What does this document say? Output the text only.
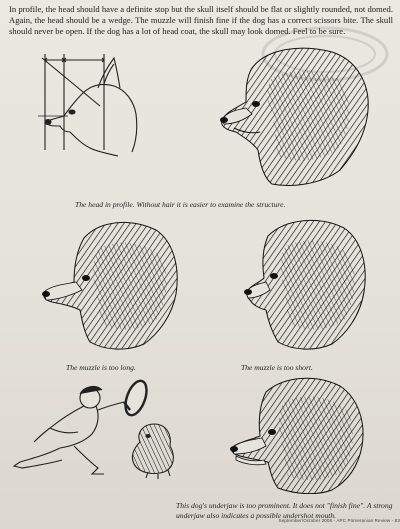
In profile, the head should have a definite stop but the skull itself should be flat or slightly rounded, not domed. Again, the head should be a wedge. The muzzle will finish fine if the dog has a correct scissors bite. The skull should never be open. If the dog has a lot of head coat, the skull may look domed. Feel to be sure.

The head in profile. Without hair it is easier to examine the structure.

The muzzle is too long.	The muzzle is too short.

This dog's underjaw is too prominent. It does not "finish fine". A strong underjaw also indicates a possible undershot mouth.

September/October 2005 - APC Pomeranian Review - 83
